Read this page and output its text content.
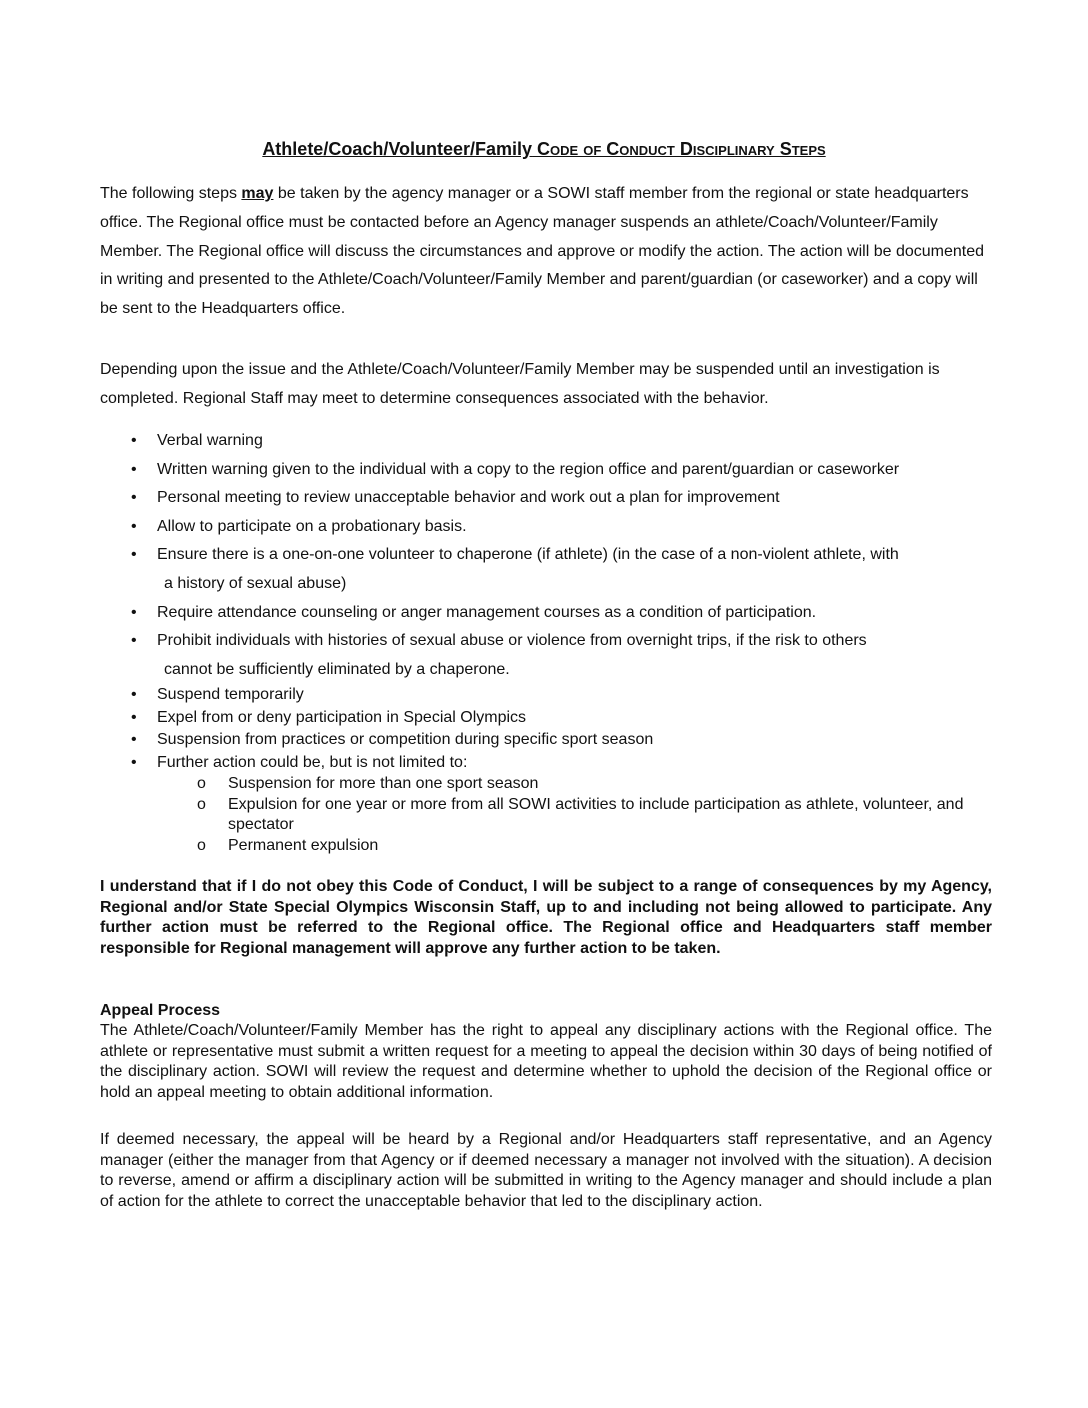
Athlete/Coach/Volunteer/Family Code of Conduct Disciplinary Steps
The following steps may be taken by the agency manager or a SOWI staff member from the regional or state headquarters office. The Regional office must be contacted before an Agency manager suspends an athlete/Coach/Volunteer/Family Member. The Regional office will discuss the circumstances and approve or modify the action. The action will be documented in writing and presented to the Athlete/Coach/Volunteer/Family Member and parent/guardian (or caseworker) and a copy will be sent to the Headquarters office.
Depending upon the issue and the Athlete/Coach/Volunteer/Family Member may be suspended until an investigation is completed. Regional Staff may meet to determine consequences associated with the behavior.
• Verbal warning
• Written warning given to the individual with a copy to the region office and parent/guardian or caseworker
• Personal meeting to review unacceptable behavior and work out a plan for improvement
• Allow to participate on a probationary basis.
• Ensure there is a one-on-one volunteer to chaperone (if athlete) (in the case of a non-violent athlete, with
a history of sexual abuse)
• Require attendance counseling or anger management courses as a condition of participation.
• Prohibit individuals with histories of sexual abuse or violence from overnight trips, if the risk to others
cannot be sufficiently eliminated by a chaperone.
• Suspend temporarily
• Expel from or deny participation in Special Olympics
• Suspension from practices or competition during specific sport season
• Further action could be, but is not limited to:
o Suspension for more than one sport season
o Expulsion for one year or more from all SOWI activities to include participation as athlete, volunteer, and spectator
o Permanent expulsion
I understand that if I do not obey this Code of Conduct, I will be subject to a range of consequences by my Agency, Regional and/or State Special Olympics Wisconsin Staff, up to and including not being allowed to participate. Any further action must be referred to the Regional office. The Regional office and Headquarters staff member responsible for Regional management will approve any further action to be taken.
Appeal Process
The Athlete/Coach/Volunteer/Family Member has the right to appeal any disciplinary actions with the Regional office. The athlete or representative must submit a written request for a meeting to appeal the decision within 30 days of being notified of the disciplinary action. SOWI will review the request and determine whether to uphold the decision of the Regional office or hold an appeal meeting to obtain additional information.
If deemed necessary, the appeal will be heard by a Regional and/or Headquarters staff representative, and an Agency manager (either the manager from that Agency or if deemed necessary a manager not involved with the situation). A decision to reverse, amend or affirm a disciplinary action will be submitted in writing to the Agency manager and should include a plan of action for the athlete to correct the unacceptable behavior that led to the disciplinary action.
